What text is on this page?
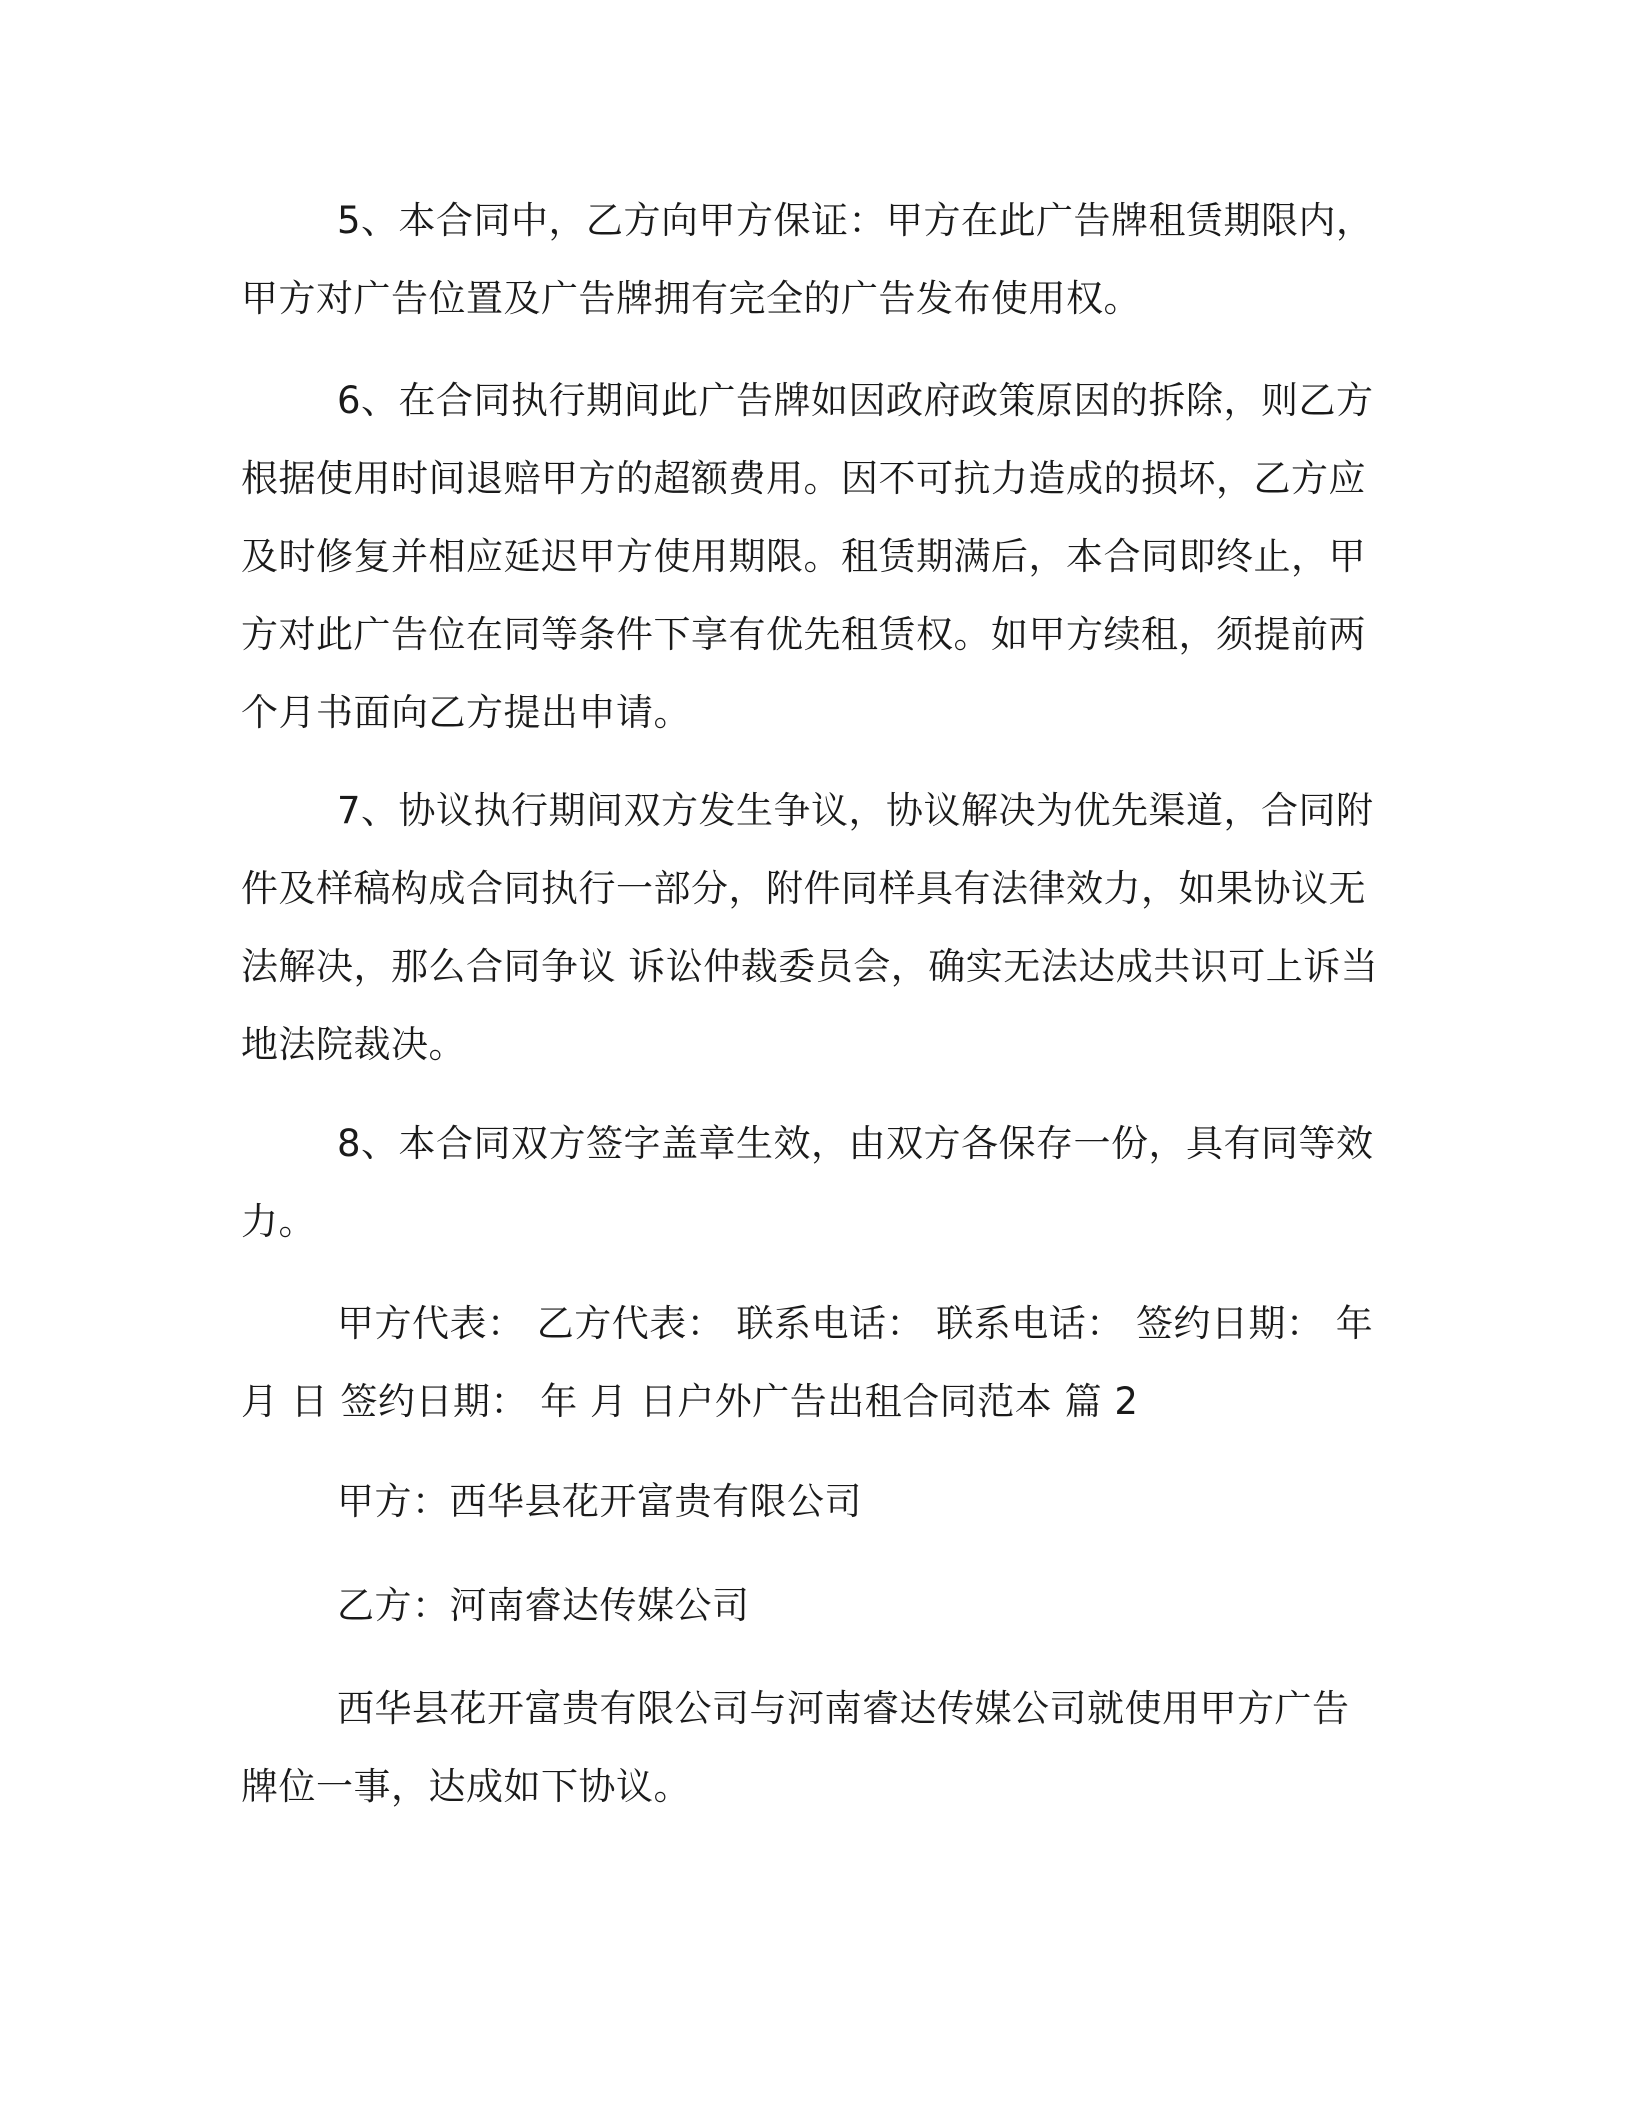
5、本合同中，乙方向甲方保证：甲方在此广告牌租赁期限内，甲方对广告位置及广告牌拥有完全的广告发布使用权。

6、在合同执行期间此广告牌如因政府政策原因的拆除，则乙方根据使用时间退赔甲方的超额费用。因不可抗力造成的损坏，乙方应及时修复并相应延迟甲方使用期限。租赁期满后，本合同即终止，甲方对此广告位在同等条件下享有优先租赁权。如甲方续租，须提前两个月书面向乙方提出申请。

7、协议执行期间双方发生争议，协议解决为优先渠道，合同附件及样稿构成合同执行一部分，附件同样具有法律效力，如果协议无法解决，那么合同争议 诉讼仲裁委员会，确实无法达成共识可上诉当地法院裁决。

8、本合同双方签字盖章生效，由双方各保存一份，具有同等效力。

甲方代表： 乙方代表： 联系电话： 联系电话： 签约日期： 年 月 日 签约日期： 年 月 日户外广告出租合同范本 篇 2

甲方：西华县花开富贵有限公司

乙方：河南睿达传媒公司

西华县花开富贵有限公司与河南睿达传媒公司就使用甲方广告牌位一事，达成如下协议。
